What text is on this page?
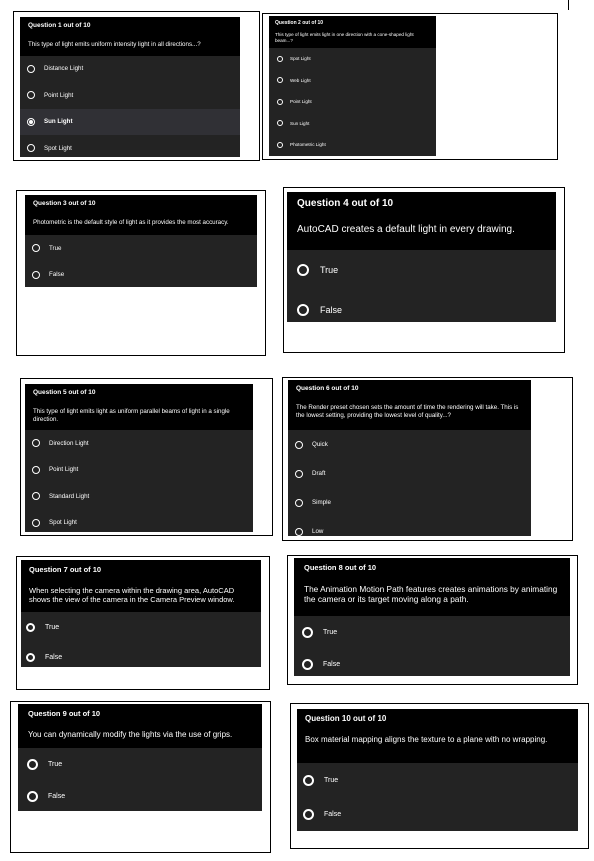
Question 1 out of 10
This type of light emits uniform intensity light in all directions...?
Distance Light
Point Light
Sun Light
Spot Light
Question 2 out of 10
This type of light emits light in one direction with a cone-shaped light beam...?
Spot Light
Web Light
Point Light
Sun Light
Photometric Light
Question 3 out of 10
Photometric is the default style of light as it provides the most accuracy.
True
False
Question 4 out of 10
AutoCAD creates a default light in every drawing.
True
False
Question 5 out of 10
This type of light emits light as uniform parallel beams of light in a single direction.
Direction Light
Point Light
Standard Light
Spot Light
Question 6 out of 10
The Render preset chosen sets the amount of time the rendering will take. This is the lowest setting, providing the lowest level of quality...?
Quick
Draft
Simple
Low
Question 7 out of 10
When selecting the camera within the drawing area, AutoCAD shows the view of the camera in the Camera Preview window.
True
False
Question 8 out of 10
The Animation Motion Path features creates animations by animating the camera or its target moving along a path.
True
False
Question 9 out of 10
You can dynamically modify the lights via the use of grips.
True
False
Question 10 out of 10
Box material mapping aligns the texture to a plane with no wrapping.
True
False
